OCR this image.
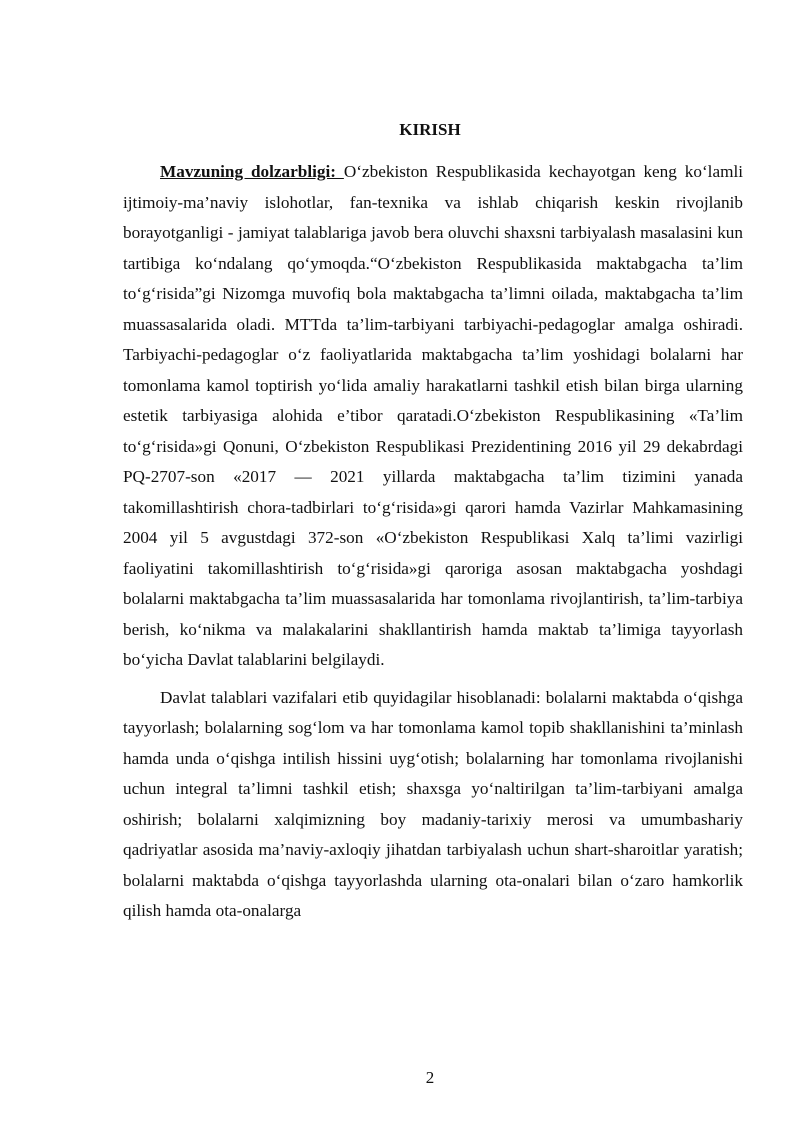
KIRISH

Mavzuning dolzarbligi: O‘zbekiston Respublikasida kechayotgan keng ko‘lamli ijtimoiy-ma’naviy islohotlar, fan-texnika va ishlab chiqarish keskin rivojlanib borayotganligi - jamiyat talablariga javob bera oluvchi shaxsni tarbiyalash masalasini kun tartibiga ko‘ndalang qo‘ymoqda.“O‘zbekiston Respublikasida maktabgacha ta’lim to‘g‘risida”gi Nizomga muvofiq bola maktabgacha ta’limni oilada, maktabgacha ta’lim muassasalarida oladi. MTTda ta’lim-tarbiyani tarbiyachi-pedagoglar amalga oshiradi. Tarbiyachi-pedagoglar o‘z faoliyatlarida maktabgacha ta’lim yoshidagi bolalarni har tomonlama kamol toptirish yo‘lida amaliy harakatlarni tashkil etish bilan birga ularning estetik tarbiyasiga alohida e’tibor qaratadi.O‘zbekiston Respublikasining «Ta’lim to‘g‘risida»gi Qonuni, O‘zbekiston Respublikasi Prezidentining 2016 yil 29 dekabrdagi PQ-2707-son «2017 — 2021 yillarda maktabgacha ta’lim tizimini yanada takomillashtirish chora-tadbirlari to‘g‘risida»gi qarori hamda Vazirlar Mahkamasining 2004 yil 5 avgustdagi 372-son «O‘zbekiston Respublikasi Xalq ta’limi vazirligi faoliyatini takomillashtirish to‘g‘risida»gi qaroriga asosan maktabgacha yoshdagi bolalarni maktabgacha ta’lim muassasalarida har tomonlama rivojlantirish, ta’lim-tarbiya berish, ko‘nikma va malakalarini shakllantirish hamda maktab ta’limiga tayyorlash bo‘yicha Davlat talablarini belgilaydi.

Davlat talablari vazifalari etib quyidagilar hisoblanadi: bolalarni maktabda o‘qishga tayyorlash; bolalarning sog‘lom va har tomonlama kamol topib shakllanishini ta’minlash hamda unda o‘qishga intilish hissini uyg‘otish; bolalarning har tomonlama rivojlanishi uchun integral ta’limni tashkil etish; shaxsga yo‘naltirilgan ta’lim-tarbiyani amalga oshirish; bolalarni xalqimizning boy madaniy-tarixiy merosi va umumbashariy qadriyatlar asosida ma’naviy-axloqiy jihatdan tarbiyalash uchun shart-sharoitlar yaratish; bolalarni maktabda o‘qishga tayyorlashda ularning ota-onalari bilan o‘zaro hamkorlik qilish hamda ota-onalarga

2
